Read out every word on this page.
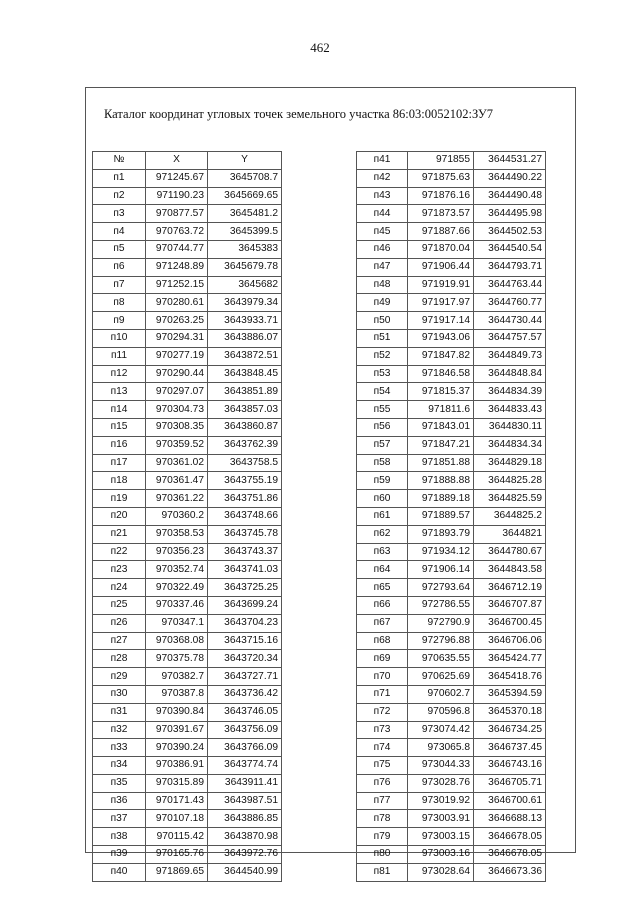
462
Каталог координат угловых точек земельного участка 86:03:0052102:ЗУ7
№	X	Y
п1	971245.67	3645708.7
п2	971190.23	3645669.65
п3	970877.57	3645481.2
п4	970763.72	3645399.5
п5	970744.77	3645383
п6	971248.89	3645679.78
п7	971252.15	3645682
п8	970280.61	3643979.34
п9	970263.25	3643933.71
п10	970294.31	3643886.07
п11	970277.19	3643872.51
п12	970290.44	3643848.45
п13	970297.07	3643851.89
п14	970304.73	3643857.03
п15	970308.35	3643860.87
п16	970359.52	3643762.39
п17	970361.02	3643758.5
п18	970361.47	3643755.19
п19	970361.22	3643751.86
п20	970360.2	3643748.66
п21	970358.53	3643745.78
п22	970356.23	3643743.37
п23	970352.74	3643741.03
п24	970322.49	3643725.25
п25	970337.46	3643699.24
п26	970347.1	3643704.23
п27	970368.08	3643715.16
п28	970375.78	3643720.34
п29	970382.7	3643727.71
п30	970387.8	3643736.42
п31	970390.84	3643746.05
п32	970391.67	3643756.09
п33	970390.24	3643766.09
п34	970386.91	3643774.74
п35	970315.89	3643911.41
п36	970171.43	3643987.51
п37	970107.18	3643886.85
п38	970115.42	3643870.98
п39	970165.76	3643972.76
п40	971869.65	3644540.99
п41	971855	3644531.27
п42	971875.63	3644490.22
п43	971876.16	3644490.48
п44	971873.57	3644495.98
п45	971887.66	3644502.53
п46	971870.04	3644540.54
п47	971906.44	3644793.71
п48	971919.91	3644763.44
п49	971917.97	3644760.77
п50	971917.14	3644730.44
п51	971943.06	3644757.57
п52	971847.82	3644849.73
п53	971846.58	3644848.84
п54	971815.37	3644834.39
п55	971811.6	3644833.43
п56	971843.01	3644830.11
п57	971847.21	3644834.34
п58	971851.88	3644829.18
п59	971888.88	3644825.28
п60	971889.18	3644825.59
п61	971889.57	3644825.2
п62	971893.79	3644821
п63	971934.12	3644780.67
п64	971906.14	3644843.58
п65	972793.64	3646712.19
п66	972786.55	3646707.87
п67	972790.9	3646700.45
п68	972796.88	3646706.06
п69	970635.55	3645424.77
п70	970625.69	3645418.76
п71	970602.7	3645394.59
п72	970596.8	3645370.18
п73	973074.42	3646734.25
п74	973065.8	3646737.45
п75	973044.33	3646743.16
п76	973028.76	3646705.71
п77	973019.92	3646700.61
п78	973003.91	3646688.13
п79	973003.15	3646678.05
п80	973003.16	3646678.05
п81	973028.64	3646673.36
